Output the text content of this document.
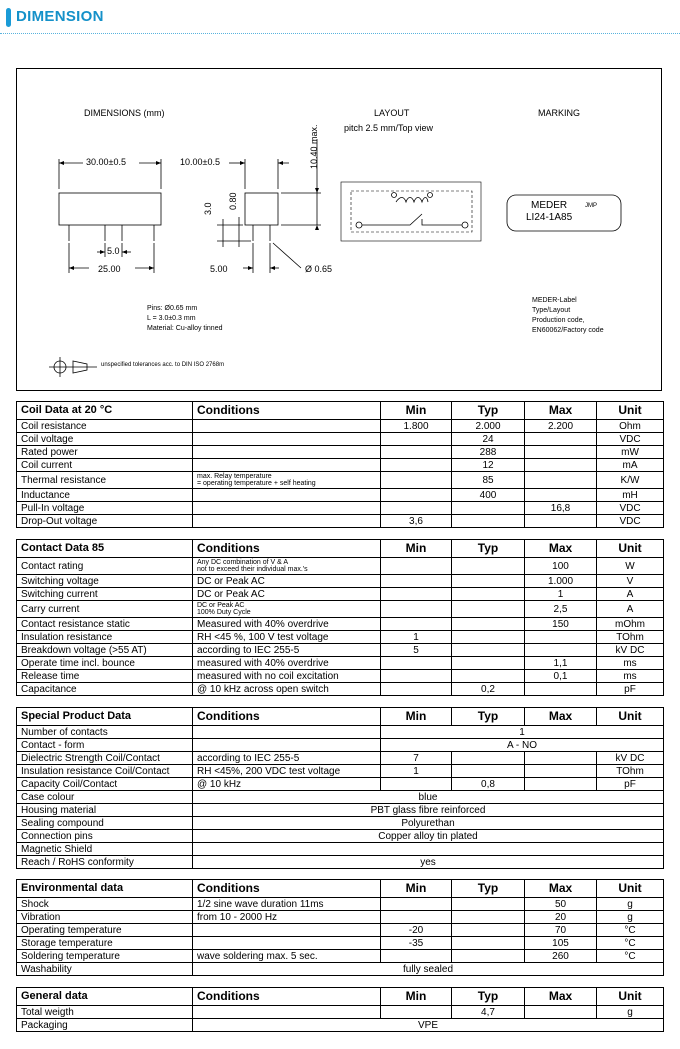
DIMENSION
DIMENSIONS (mm)	LAYOUT
pitch 2.5 mm/Top view
MARKING
30.00±0.5	10.00±0.5	10.40 max.
3.0 0.80
5.0
25.00	5.00	Ø 0.65
Pins: Ø0.65 mm
L = 3.0±0.3 mm
Material: Cu-alloy tinned
unspecified tolerances acc. to DIN ISO 2768m
MEDER	JMP
LI24-1A85
MEDER-Label
Type/Layout
Production code,
EN60062/Factory code
Coil Data at 20 °C	Conditions	Min	Typ	Max	Unit
Coil resistance		1.800	2.000	2.200	Ohm
Coil voltage			24		VDC
Rated power			288		mW
Coil current			12		mA
Thermal resistance	max. Relay temperature
= operating temperature + self heating		85		K/W
Inductance			400		mH
Pull-In voltage				16,8	VDC
Drop-Out voltage		3,6			VDC
Contact Data 85	Conditions	Min	Typ	Max	Unit
Contact rating	Any DC combination of V & A
not to exceed their individual max.'s			100	W
Switching voltage	DC or Peak AC			1.000	V
Switching current	DC or Peak AC			1	A
Carry current	DC or Peak AC
100% Duty Cycle			2,5	A
Contact resistance static	Measured with 40% overdrive			150	mOhm
Insulation resistance	RH <45 %, 100 V test voltage	1			TOhm
Breakdown voltage (>55 AT)	according to IEC 255-5	5			kV DC
Operate time incl. bounce	measured with 40% overdrive			1,1	ms
Release time	measured with no coil excitation			0,1	ms
Capacitance	@ 10 kHz across open switch		0,2		pF
Special Product Data	Conditions	Min	Typ	Max	Unit
Number of contacts		1			
Contact - form		A - NO			
Dielectric Strength Coil/Contact	according to IEC 255-5	7			kV DC
Insulation resistance Coil/Contact	RH <45%, 200 VDC test voltage	1			TOhm
Capacity Coil/Contact	@ 10 kHz		0,8		pF
Case colour	blue				
Housing material	PBT glass fibre reinforced				
Sealing compound	Polyurethan				
Connection pins	Copper alloy tin plated				
Magnetic Shield					
Reach / RoHS conformity	yes				
Environmental data	Conditions	Min	Typ	Max	Unit
Shock	1/2 sine wave duration 11ms			50	g
Vibration	from 10 - 2000 Hz			20	g
Operating temperature		-20		70	°C
Storage temperature		-35		105	°C
Soldering temperature	wave soldering max. 5 sec.			260	°C
Washability	fully sealed				
General data	Conditions	Min	Typ	Max	Unit
Total weigth			4,7		g
Packaging	VPE				
